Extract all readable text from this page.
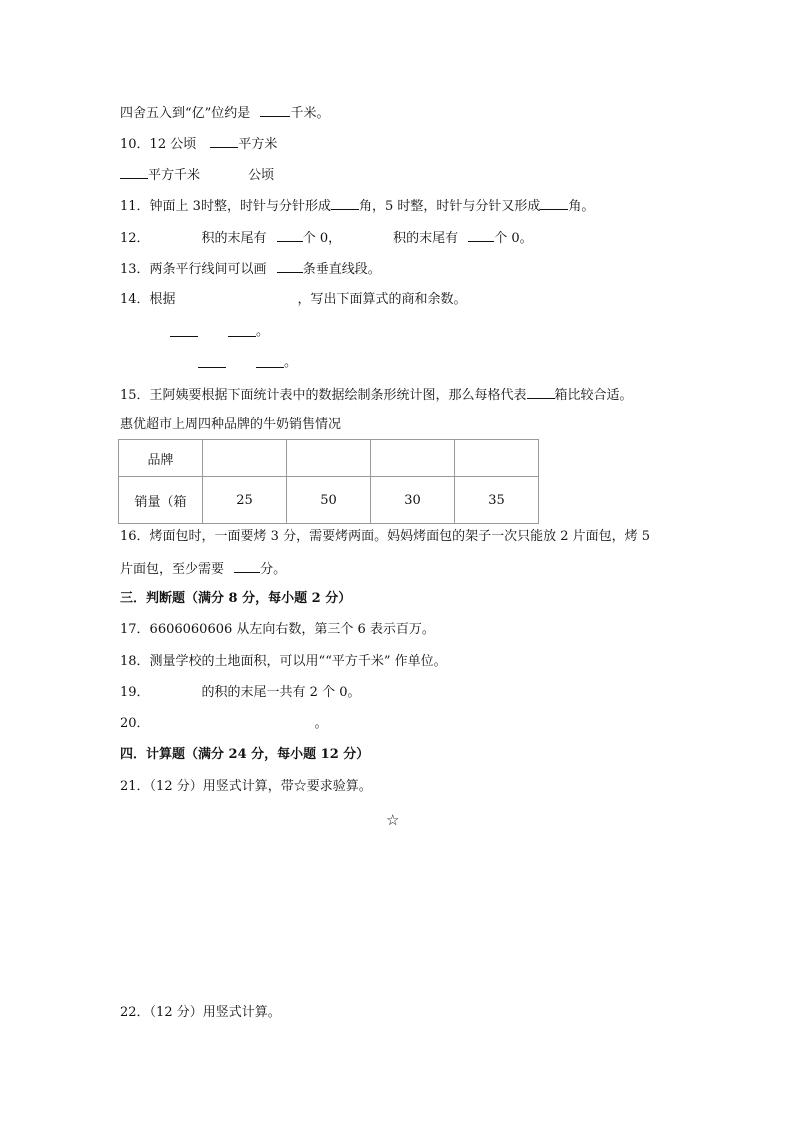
四舍五入到“亿”位约是	千米。
10．12 公顷	平方米
平方千米	公顷
11．钟面上 3时整，时针与分针形成 角，5 时整，时针与分针又形成 角。
12．	积的末尾有	个 0，	积的末尾有	个 0。
13．两条平行线间可以画	条垂直线段。
14．根据	，写出下面算式的商和余数。
。
。
15．王阿姨要根据下面统计表中的数据绘制条形统计图，那么每格代表 箱比较合适。
惠优超市上周四种品牌的牛奶销售情况
品牌				
销量（箱	25	50	30	35
16．烤面包时，一面要烤 3 分，需要烤两面。妈妈烤面包的架子一次只能放 2 片面包，烤 5
片面包，至少需要	分。
三．判断题（满分 8 分，每小题 2 分）
17．6606060606 从左向右数，第三个 6 表示百万。
18．测量学校的土地面积，可以用““平方千米” 作单位。
19．	的积的末尾一共有 2 个 0。
20．	。
四．计算题（满分 24 分，每小题 12 分）
21．（12 分）用竖式计算，带☆要求验算。
☆
22．（12 分）用竖式计算。
